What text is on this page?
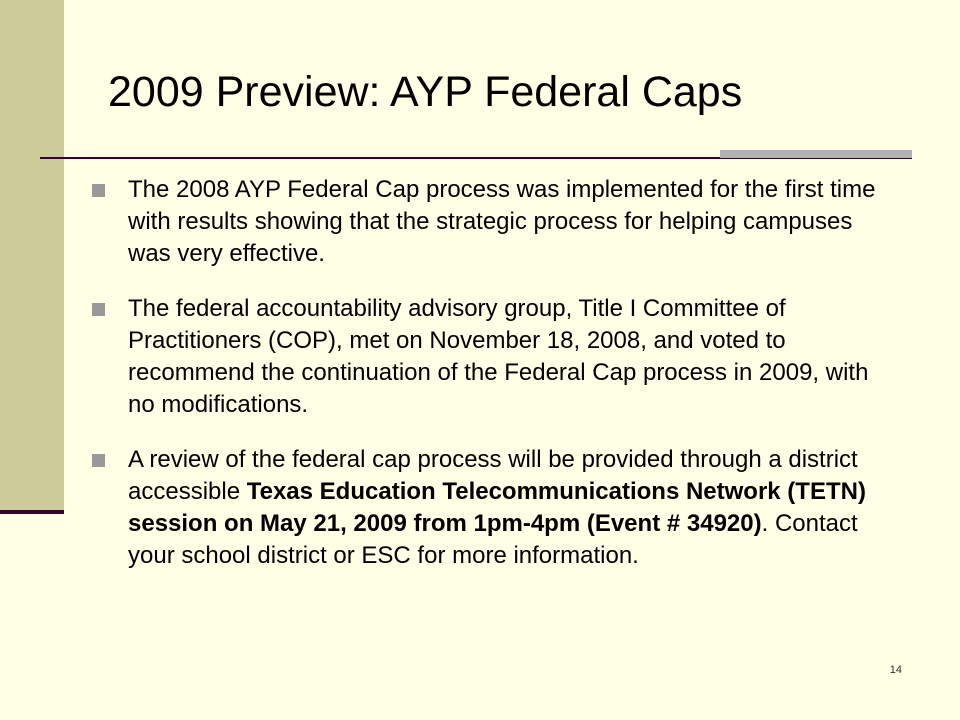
2009 Preview: AYP Federal Caps
The 2008 AYP Federal Cap process was implemented for the first time with results showing that the strategic process for helping campuses was very effective.
The federal accountability advisory group, Title I Committee of Practitioners (COP), met on November 18, 2008, and voted to recommend the continuation of the Federal Cap process in 2009, with no modifications.
A review of the federal cap process will be provided through a district accessible Texas Education Telecommunications Network (TETN) session on May 21, 2009 from 1pm-4pm (Event # 34920). Contact your school district or ESC for more information.
14
